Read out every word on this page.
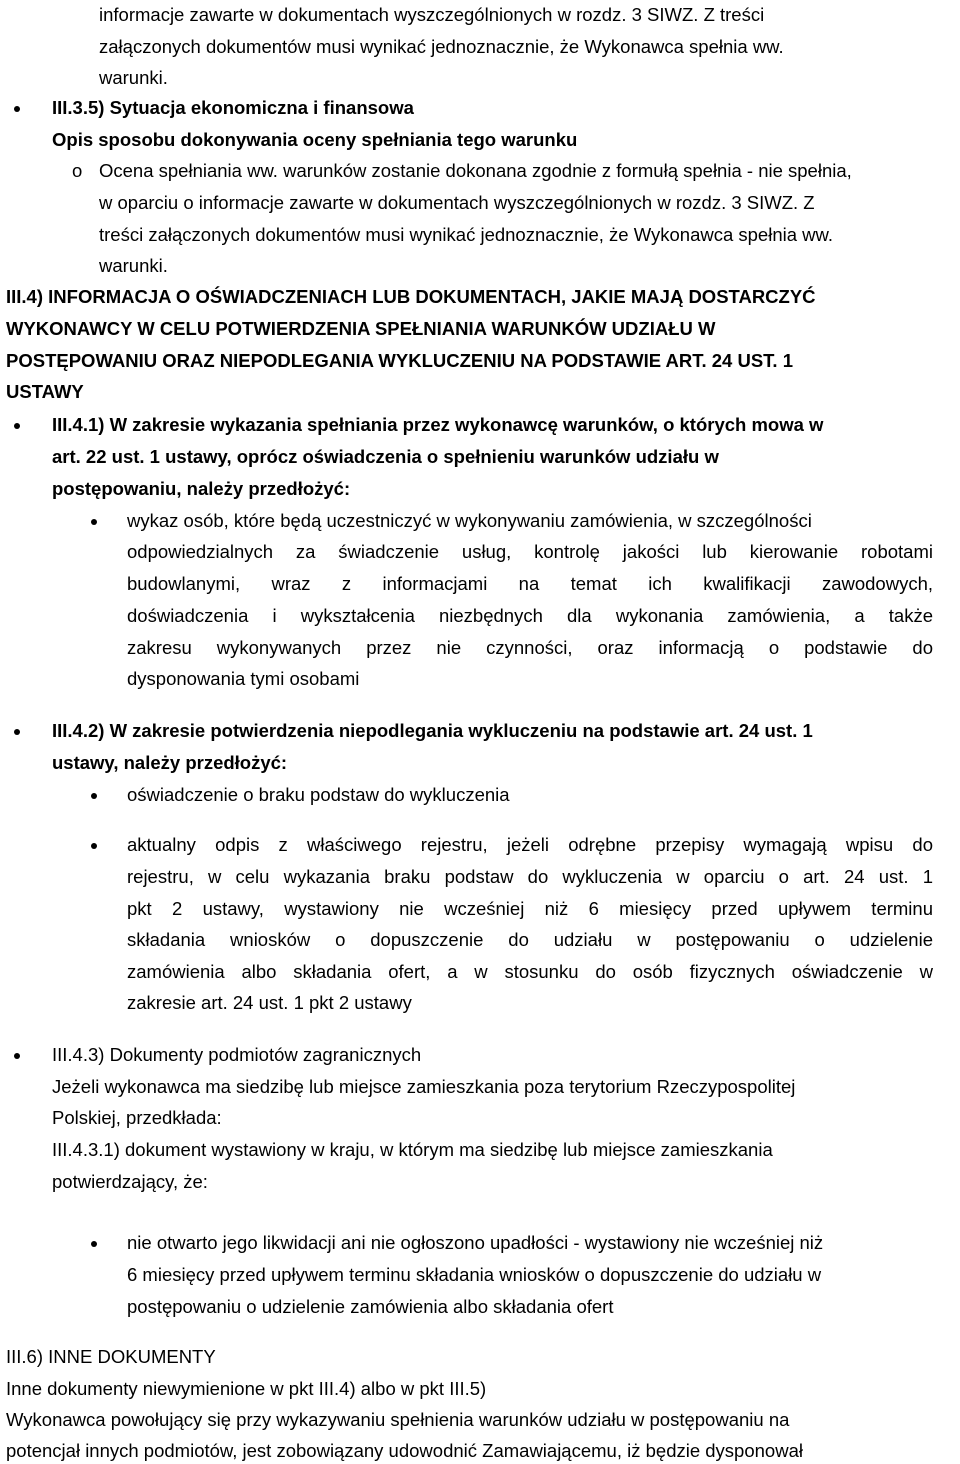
informacje zawarte w dokumentach wyszczególnionych w rozdz. 3 SIWZ. Z treści
załączonych dokumentów musi wynikać jednoznacznie, że Wykonawca spełnia ww.
warunki.
III.3.5) Sytuacja ekonomiczna i finansowa
Opis sposobu dokonywania oceny spełniania tego warunku
o Ocena spełniania ww. warunków zostanie dokonana zgodnie z formułą spełnia - nie spełnia,
w oparciu o informacje zawarte w dokumentach wyszczególnionych w rozdz. 3 SIWZ. Z
treści załączonych dokumentów musi wynikać jednoznacznie, że Wykonawca spełnia ww.
warunki.
III.4) INFORMACJA O OŚWIADCZENIACH LUB DOKUMENTACH, JAKIE MAJĄ DOSTARCZYĆ
WYKONAWCY W CELU POTWIERDZENIA SPEŁNIANIA WARUNKÓW UDZIAŁU W
POSTĘPOWANIU ORAZ NIEPODLEGANIA WYKLUCZENIU NA PODSTAWIE ART. 24 UST. 1
USTAWY
III.4.1) W zakresie wykazania spełniania przez wykonawcę warunków, o których mowa w
art. 22 ust. 1 ustawy, oprócz oświadczenia o spełnieniu warunków udziału w
postępowaniu, należy przedłożyć:
wykaz osób, które będą uczestniczyć w wykonywaniu zamówienia, w szczególności
odpowiedzialnych za świadczenie usług, kontrolę jakości lub kierowanie robotami
budowlanymi, wraz z informacjami na temat ich kwalifikacji zawodowych,
doświadczenia i wykształcenia niezbędnych dla wykonania zamówienia, a także
zakresu wykonywanych przez nie czynności, oraz informacją o podstawie do
dysponowania tymi osobami
III.4.2) W zakresie potwierdzenia niepodlegania wykluczeniu na podstawie art. 24 ust. 1
ustawy, należy przedłożyć:
oświadczenie o braku podstaw do wykluczenia
aktualny odpis z właściwego rejestru, jeżeli odrębne przepisy wymagają wpisu do
rejestru, w celu wykazania braku podstaw do wykluczenia w oparciu o art. 24 ust. 1
pkt 2 ustawy, wystawiony nie wcześniej niż 6 miesięcy przed upływem terminu
składania wniosków o dopuszczenie do udziału w postępowaniu o udzielenie
zamówienia albo składania ofert, a w stosunku do osób fizycznych oświadczenie w
zakresie art. 24 ust. 1 pkt 2 ustawy
III.4.3) Dokumenty podmiotów zagranicznych
Jeżeli wykonawca ma siedzibę lub miejsce zamieszkania poza terytorium Rzeczypospolitej
Polskiej, przedkłada:
III.4.3.1) dokument wystawiony w kraju, w którym ma siedzibę lub miejsce zamieszkania
potwierdzający, że:
nie otwarto jego likwidacji ani nie ogłoszono upadłości - wystawiony nie wcześniej niż
6 miesięcy przed upływem terminu składania wniosków o dopuszczenie do udziału w
postępowaniu o udzielenie zamówienia albo składania ofert
III.6) INNE DOKUMENTY
Inne dokumenty niewymienione w pkt III.4) albo w pkt III.5)
Wykonawca powołujący się przy wykazywaniu spełnienia warunków udziału w postępowaniu na
potencjał innych podmiotów, jest zobowiązany udowodnić Zamawiającemu, iż będzie dysponował
